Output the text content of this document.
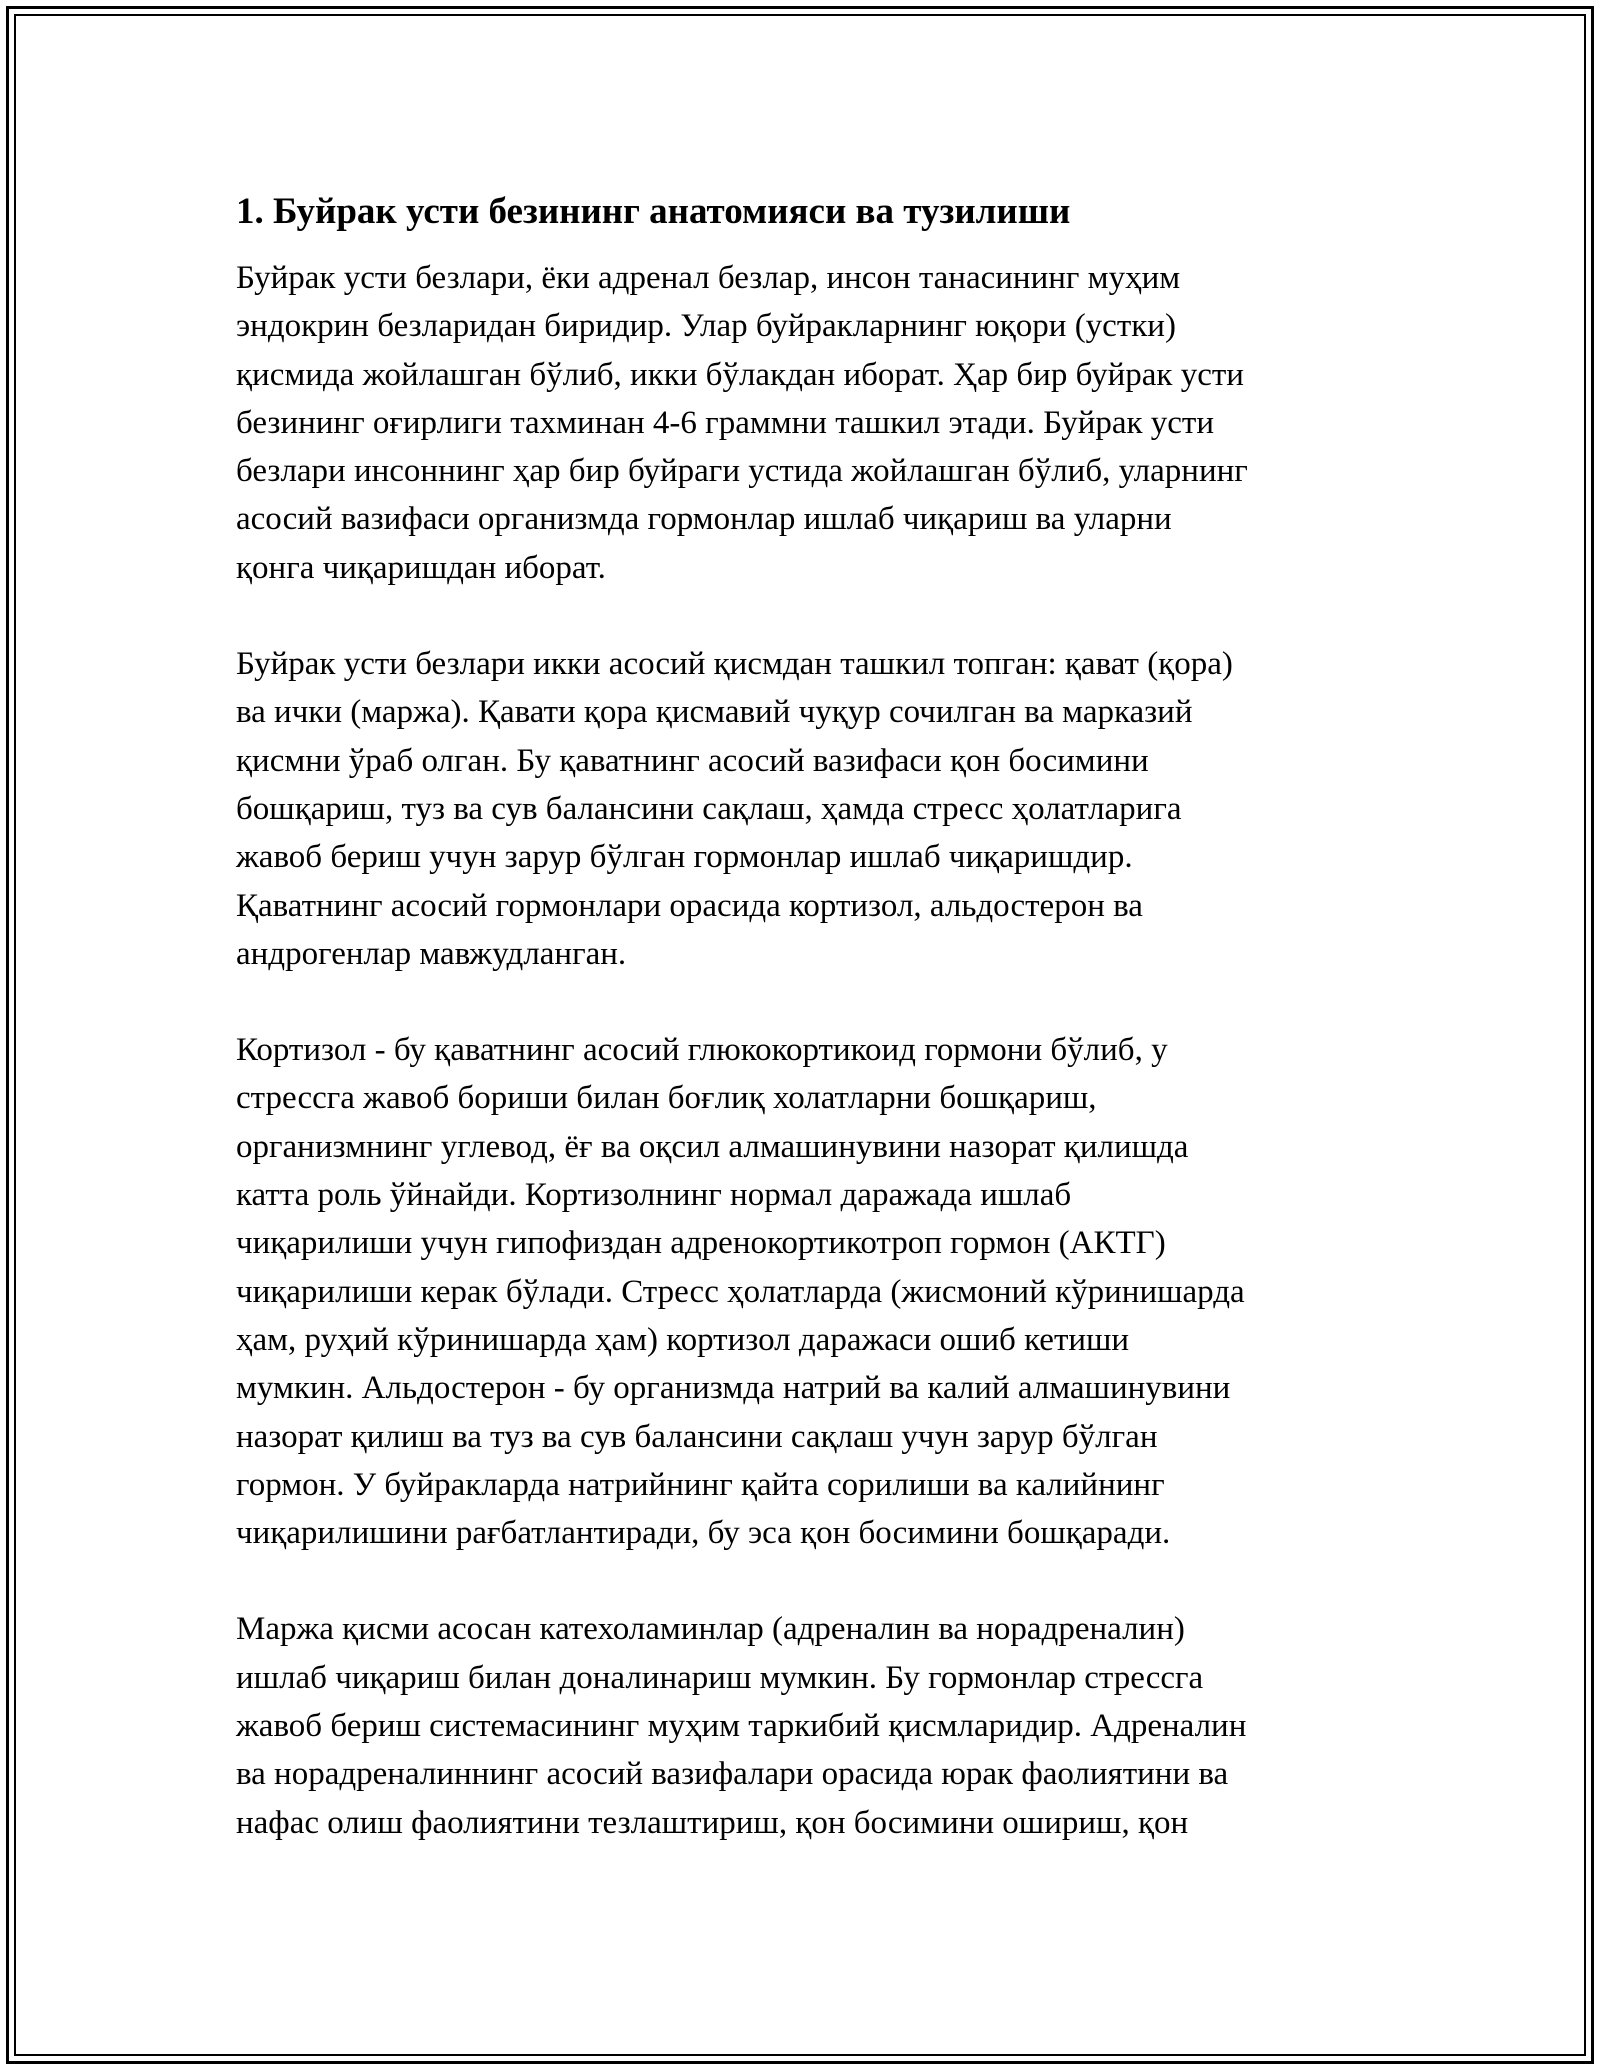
1. Буйрак усти безининг анатомияси ва тузилиши

Буйрак усти безлари, ёки адренал безлар, инсон танасининг муҳим
эндокрин безларидан биридир. Улар буйракларнинг юқори (устки)
қисмида жойлашган бўлиб, икки бўлакдан иборат. Ҳар бир буйрак усти
безининг оғирлиги тахминан 4-6 граммни ташкил этади. Буйрак усти
безлари инсоннинг ҳар бир буйраги устида жойлашган бўлиб, уларнинг
асосий вазифаси организмда гормонлар ишлаб чиқариш ва уларни
қонга чиқаришдан иборат.

Буйрак усти безлари икки асосий қисмдан ташкил топган: қават (қора)
ва ички (маржа). Қавати қора қисмавий чуқур сочилган ва марказий
қисмни ўраб олган. Бу қаватнинг асосий вазифаси қон босимини
бошқариш, туз ва сув балансини сақлаш, ҳамда стресс ҳолатларига
жавоб бериш учун зарур бўлган гормонлар ишлаб чиқаришдир.
Қаватнинг асосий гормонлари орасида кортизол, альдостерон ва
андрогенлар мавжудланган.

Кортизол - бу қаватнинг асосий глюкокортикоид гормони бўлиб, у
стрессга жавоб бориши билан боғлиқ холатларни бошқариш,
организмнинг углевод, ёғ ва оқсил алмашинувини назорат қилишда
катта роль ўйнайди. Кортизолнинг нормал даражада ишлаб
чиқарилиши учун гипофиздан адренокортикотроп гормон (АКТГ)
чиқарилиши керак бўлади. Стресс ҳолатларда (жисмоний кўринишарда
ҳам, руҳий кўринишарда ҳам) кортизол даражаси ошиб кетиши
мумкин. Альдостерон - бу организмда натрий ва калий алмашинувини
назорат қилиш ва туз ва сув балансини сақлаш учун зарур бўлган
гормон. У буйракларда натрийнинг қайта сорилиши ва калийнинг
чиқарилишини рағбатлантиради, бу эса қон босимини бошқаради.

Маржа қисми асосан катехоламинлар (адреналин ва норадреналин)
ишлаб чиқариш билан доналинариш мумкин. Бу гормонлар стрессга
жавоб бериш системасининг муҳим таркибий қисмларидир. Адреналин
ва норадреналиннинг асосий вазифалари орасида юрак фаолиятини ва
нафас олиш фаолиятини тезлаштириш, қон босимини ошириш, қон
